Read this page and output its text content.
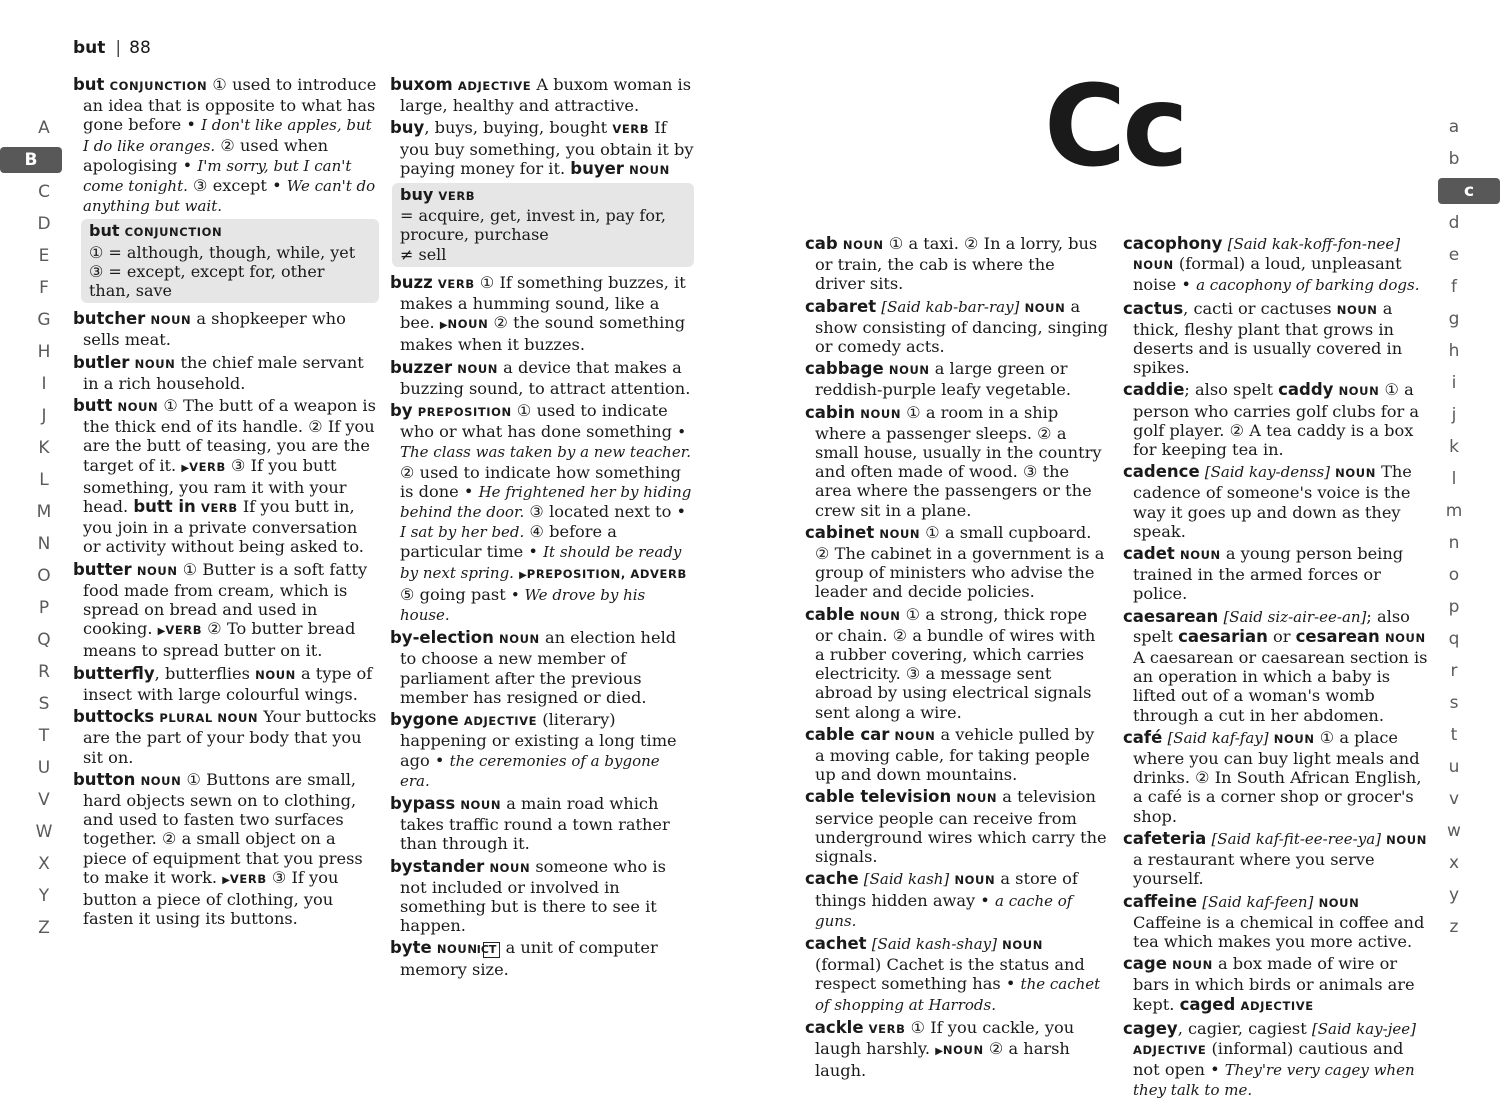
but | 88
Cc
A
B
C
D
E
F
G
H
I
J
K
L
M
N
O
P
Q
R
S
T
U
V
W
X
Y
Z
a
b
c
d
e
f
g
h
i
j
k
l
m
n
o
p
q
r
s
t
u
v
w
x
y
z
but CONJUNCTION ① used to introduce an idea that is opposite to what has gone before • I don't like apples, but I do like oranges. ② used when apologising • I'm sorry, but I can't come tonight. ③ except • We can't do anything but wait.
but CONJUNCTION
① = although, though, while, yet
③ = except, except for, other than, save
butcher NOUN a shopkeeper who sells meat.
butler NOUN the chief male servant in a rich household.
butt NOUN ① The butt of a weapon is the thick end of its handle. ② If you are the butt of teasing, you are the target of it. ▶VERB ③ If you butt something, you ram it with your head. butt in VERB If you butt in, you join in a private conversation or activity without being asked to.
butter NOUN ① Butter is a soft fatty food made from cream, which is spread on bread and used in cooking. ▶VERB ② To butter bread means to spread butter on it.
butterfly, butterflies NOUN a type of insect with large colourful wings.
buttocks PLURAL NOUN Your buttocks are the part of your body that you sit on.
button NOUN ① Buttons are small, hard objects sewn on to clothing, and used to fasten two surfaces together. ② a small object on a piece of equipment that you press to make it work. ▶VERB ③ If you button a piece of clothing, you fasten it using its buttons.
buxom ADJECTIVE A buxom woman is large, healthy and attractive.
buy, buys, buying, bought VERB If you buy something, you obtain it by paying money for it. buyer NOUN
buy VERB
= acquire, get, invest in, pay for, procure, purchase
≠ sell
buzz VERB ① If something buzzes, it makes a humming sound, like a bee. ▶NOUN ② the sound something makes when it buzzes.
buzzer NOUN a device that makes a buzzing sound, to attract attention.
by PREPOSITION ① used to indicate who or what has done something • The class was taken by a new teacher. ② used to indicate how something is done • He frightened her by hiding behind the door. ③ located next to • I sat by her bed. ④ before a particular time • It should be ready by next spring. ▶PREPOSITION, ADVERB ⑤ going past • We drove by his house.
by-election NOUN an election held to choose a new member of parliament after the previous member has resigned or died.
bygone ADJECTIVE (literary) happening or existing a long time ago • the ceremonies of a bygone era.
bypass NOUN a main road which takes traffic round a town rather than through it.
bystander NOUN someone who is not included or involved in something but is there to see it happen.
byte NOUN ICT a unit of computer memory size.
cab NOUN ① a taxi. ② In a lorry, bus or train, the cab is where the driver sits.
cabaret [Said kab-bar-ray] NOUN a show consisting of dancing, singing or comedy acts.
cabbage NOUN a large green or reddish-purple leafy vegetable.
cabin NOUN ① a room in a ship where a passenger sleeps. ② a small house, usually in the country and often made of wood. ③ the area where the passengers or the crew sit in a plane.
cabinet NOUN ① a small cupboard. ② The cabinet in a government is a group of ministers who advise the leader and decide policies.
cable NOUN ① a strong, thick rope or chain. ② a bundle of wires with a rubber covering, which carries electricity. ③ a message sent abroad by using electrical signals sent along a wire.
cable car NOUN a vehicle pulled by a moving cable, for taking people up and down mountains.
cable television NOUN a television service people can receive from underground wires which carry the signals.
cache [Said kash] NOUN a store of things hidden away • a cache of guns.
cachet [Said kash-shay] NOUN (formal) Cachet is the status and respect something has • the cachet of shopping at Harrods.
cackle VERB ① If you cackle, you laugh harshly. ▶NOUN ② a harsh laugh.
cacophony [Said kak-koff-fon-nee] NOUN (formal) a loud, unpleasant noise • a cacophony of barking dogs.
cactus, cacti or cactuses NOUN a thick, fleshy plant that grows in deserts and is usually covered in spikes.
caddie; also spelt caddy NOUN ① a person who carries golf clubs for a golf player. ② A tea caddy is a box for keeping tea in.
cadence [Said kay-denss] NOUN The cadence of someone's voice is the way it goes up and down as they speak.
cadet NOUN a young person being trained in the armed forces or police.
caesarean [Said siz-air-ee-an]; also spelt caesarian or cesarean NOUN A caesarean or caesarean section is an operation in which a baby is lifted out of a woman's womb through a cut in her abdomen.
café [Said kaf-fay] NOUN ① a place where you can buy light meals and drinks. ② In South African English, a café is a corner shop or grocer's shop.
cafeteria [Said kaf-fit-ee-ree-ya] NOUN a restaurant where you serve yourself.
caffeine [Said kaf-feen] NOUN Caffeine is a chemical in coffee and tea which makes you more active.
cage NOUN a box made of wire or bars in which birds or animals are kept. caged ADJECTIVE
cagey, cagier, cagiest [Said kay-jee] ADJECTIVE (informal) cautious and not open • They're very cagey when they talk to me.
